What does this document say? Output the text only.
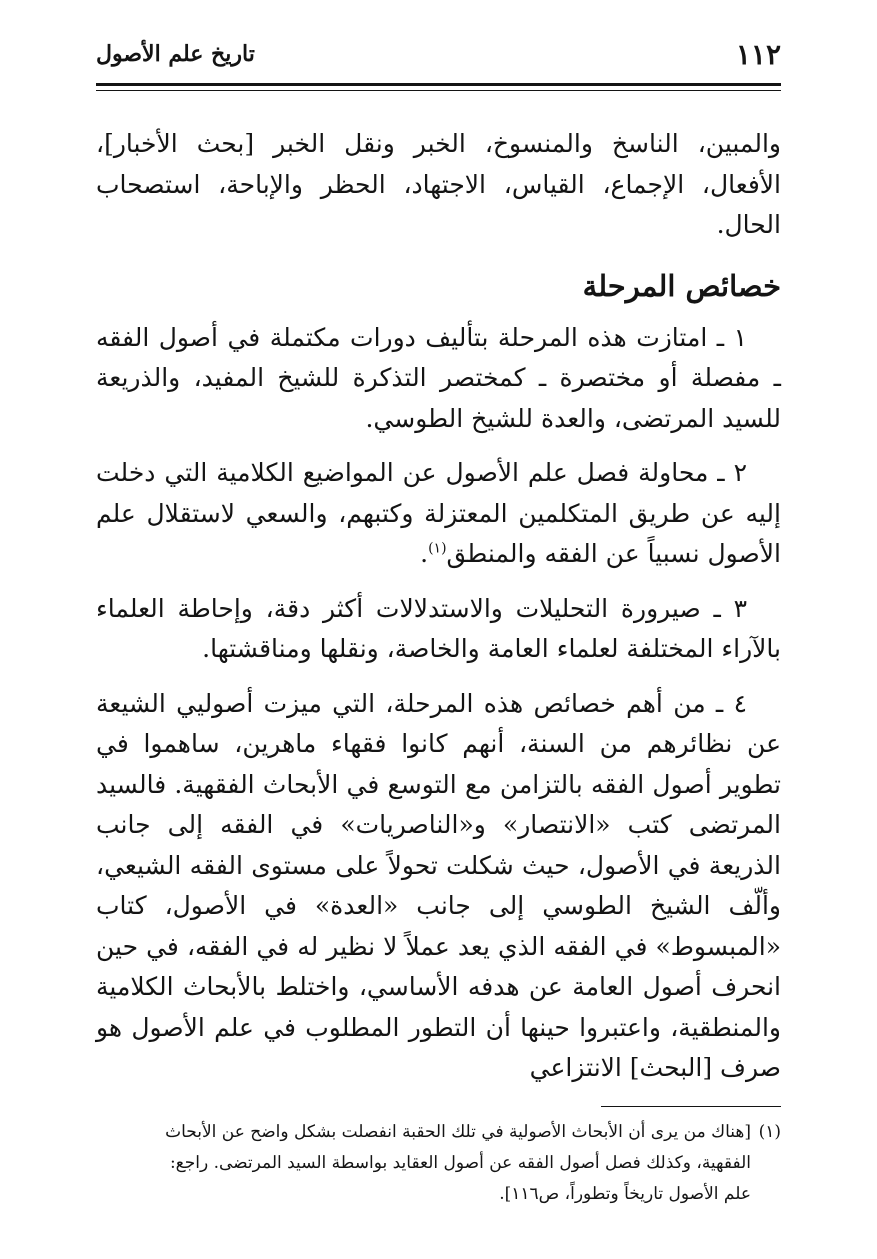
١١٢
تاريخ علم الأصول

والمبين، الناسخ والمنسوخ، الخبر ونقل الخبر [بحث الأخبار]، الأفعال، الإجماع، القياس، الاجتهاد، الحظر والإباحة، استصحاب الحال.

خصائص المرحلة

١ ـ امتازت هذه المرحلة بتأليف دورات مكتملة في أصول الفقه ـ مفصلة أو مختصرة ـ كمختصر التذكرة للشيخ المفيد، والذريعة للسيد المرتضى، والعدة للشيخ الطوسي.

٢ ـ محاولة فصل علم الأصول عن المواضيع الكلامية التي دخلت إليه عن طريق المتكلمين المعتزلة وكتبهم، والسعي لاستقلال علم الأصول نسبياً عن الفقه والمنطق$^{(١)}$.

٣ ـ صيرورة التحليلات والاستدلالات أكثر دقة، وإحاطة العلماء بالآراء المختلفة لعلماء العامة والخاصة، ونقلها ومناقشتها.

٤ ـ من أهم خصائص هذه المرحلة، التي ميزت أصوليي الشيعة عن نظائرهم من السنة، أنهم كانوا فقهاء ماهرين، ساهموا في تطوير أصول الفقه بالتزامن مع التوسع في الأبحاث الفقهية. فالسيد المرتضى كتب «الانتصار» و«الناصريات» في الفقه إلى جانب الذريعة في الأصول، حيث شكلت تحولاً على مستوى الفقه الشيعي، وألّف الشيخ الطوسي إلى جانب «العدة» في الأصول، كتاب «المبسوط» في الفقه الذي يعد عملاً لا نظير له في الفقه، في حين انحرف أصول العامة عن هدفه الأساسي، واختلط بالأبحاث الكلامية والمنطقية، واعتبروا حينها أن التطور المطلوب في علم الأصول هو صرف [البحث] الانتزاعي

(١)[هناك من يرى أن الأبحاث الأصولية في تلك الحقبة انفصلت بشكل واضح عن الأبحاث
الفقهية، وكذلك فصل أصول الفقه عن أصول العقايد بواسطة السيد المرتضى. راجع:
علم الأصول تاريخاً وتطوراً، ص١١٦].
